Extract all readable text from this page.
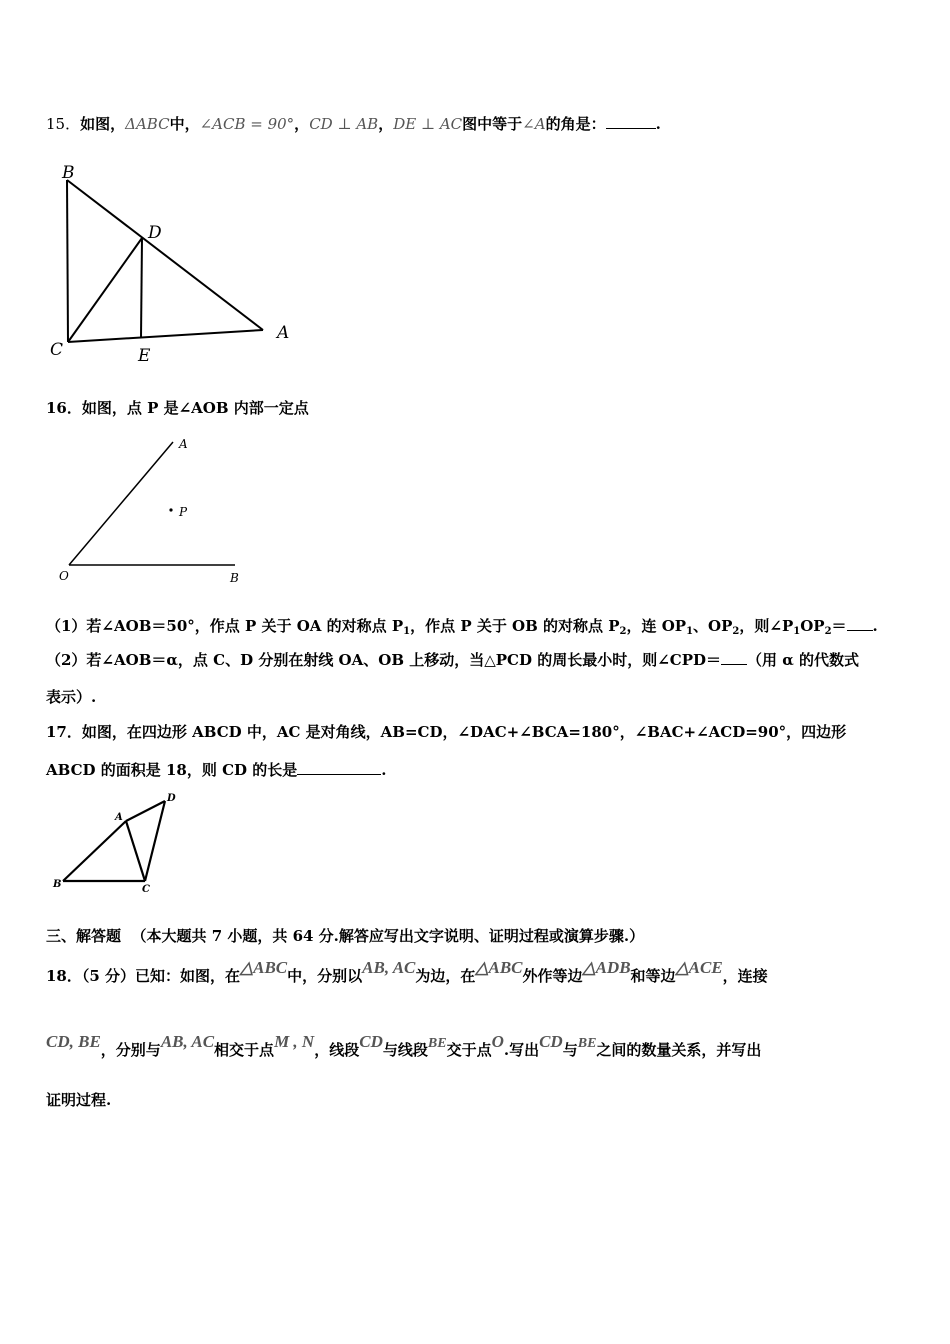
15．如图，ΔABC中，∠ACB = 90°，CD ⊥ AB，DE ⊥ AC图中等于∠A的角是：	.
B
D
C	E
A
16．如图，点 P 是∠AOB 内部一定点
A
P
O	B
（1）若∠AOB＝50°，作点 P 关于 OA 的对称点 $P_1$，作点 P 关于 OB 的对称点 $P_2$，连 $OP_1$、$OP_2$，则$\angle P_1OP_2=$ .
（2）若∠AOB＝α，点 C、D 分别在射线 OA、OB 上移动，当△PCD 的周长最小时，则∠CPD＝ （用 α 的代数式
表示）.
17．如图，在四边形 ABCD 中，AC 是对角线，AB=CD，∠DAC+∠BCA=180°，∠BAC+∠ACD=90°，四边形
ABCD 的面积是 18，则 CD 的长是	.
A
D
B	C
三、解答题 （本大题共 7 小题，共 64 分.解答应写出文字说明、证明过程或演算步骤.）
18．（5 分）已知：如图，在△ABC中，分别以AB, AC为边，在△ABC外作等边△ADB和等边△ACE，连接
CD, BE，分别与AB, AC相交于点M , N，线段CD与线段BE交于点O.写出CD与BE之间的数量关系，并写出
证明过程.
